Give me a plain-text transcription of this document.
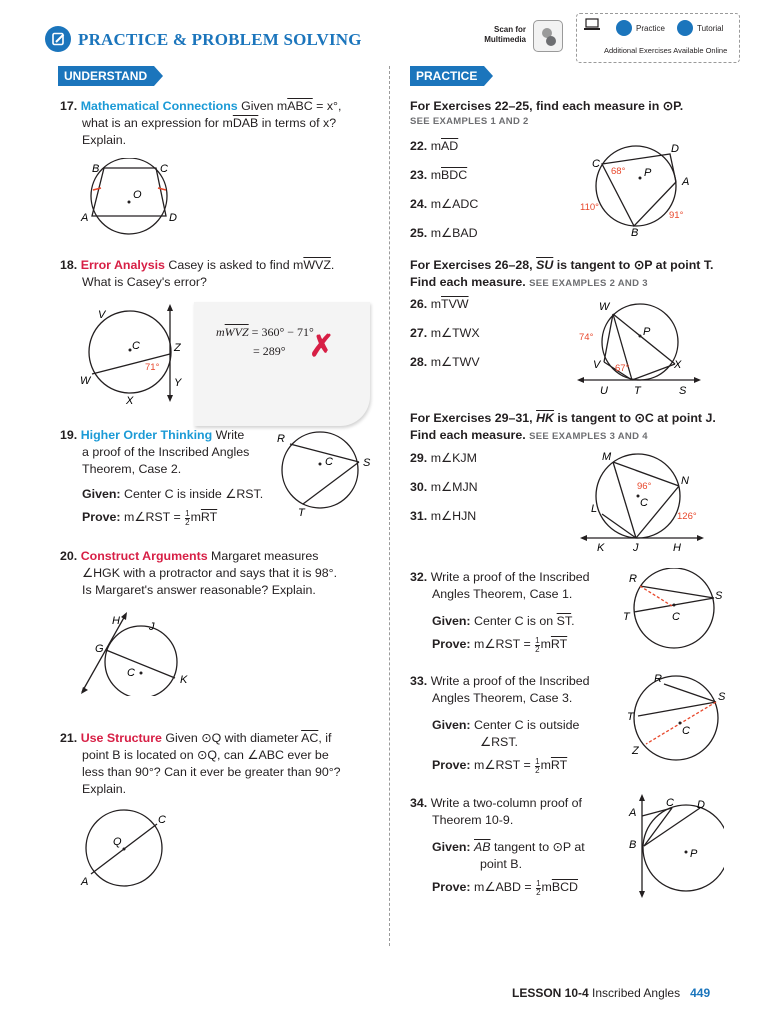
PRACTICE & PROBLEM SOLVING
Scan for
Multimedia
Practice	Tutorial
Additional Exercises Available Online
UNDERSTAND	PRACTICE
17. Mathematical Connections Given $m\overline{ABC} = x^\circ$,
what is an expression for $m\overline{DAB}$ in terms of x?
Explain.
B	C
O
A	D
18. Error Analysis Casey is asked to find $m\overline{WVZ}$.
What is Casey's error?
V
C	Z
W	Y
X
71°
$m\overline{WVZ} = 360^\circ - 71^\circ$
= 289° ✗
19. Higher Order Thinking Write
a proof of the Inscribed Angles
Theorem, Case 2.
Given: Center C is inside ∠RST.
Prove: m∠RST = $\frac{1}{2} m\overline{RT}$
R
C	S
T
20. Construct Arguments Margaret measures
∠HGK with a protractor and says that it is 98°.
Is Margaret's answer reasonable? Explain.
H	J
G
C
K
21. Use Structure Given ⊙Q with diameter $\overline{AC}$, if
point B is located on ⊙Q, can ∠ABC ever be
less than 90°? Can it ever be greater than 90°?
Explain.
C
Q
A
For Exercises 22–25, find each measure in ⊙P.
SEE EXAMPLES 1 AND 2
22. $m\overline{AD}$
23. $m\overline{BDC}$
24. m∠ADC
25. m∠BAD
C
D
P
A
B
68°
110°
91°
For Exercises 26–28, $\overline{SU}$ is tangent to ⊙P at point T.
Find each measure. SEE EXAMPLES 2 AND 3
26. $m\overline{TVW}$
27. m∠TWX
28. m∠TWV
W
P
V	X
U T	S
74°
67°
For Exercises 29–31, $\overline{HK}$ is tangent to ⊙C at point J.
Find each measure. SEE EXAMPLES 3 AND 4
29. m∠KJM
30. m∠MJN
31. m∠HJN
M
N
C
L
K	J	H
96°
126°
32. Write a proof of the Inscribed
Angles Theorem, Case 1.
Given: Center C is on $\overline{ST}$.
Prove: m∠RST = $\frac{1}{2} m\overline{RT}$
R
S
T	C
33. Write a proof of the Inscribed
Angles Theorem, Case 3.
Given: Center C is outside
∠RST.
Prove: m∠RST = $\frac{1}{2} m\overline{RT}$
R
S
T
C
Z
34. Write a two-column proof of
Theorem 10-9.
Given: $\overline{AB}$ tangent to ⊙P at
point B.
Prove: m∠ABD = $\frac{1}{2} m\overline{BCD}$
A
C D
B
P
LESSON 10-4 Inscribed Angles 449
